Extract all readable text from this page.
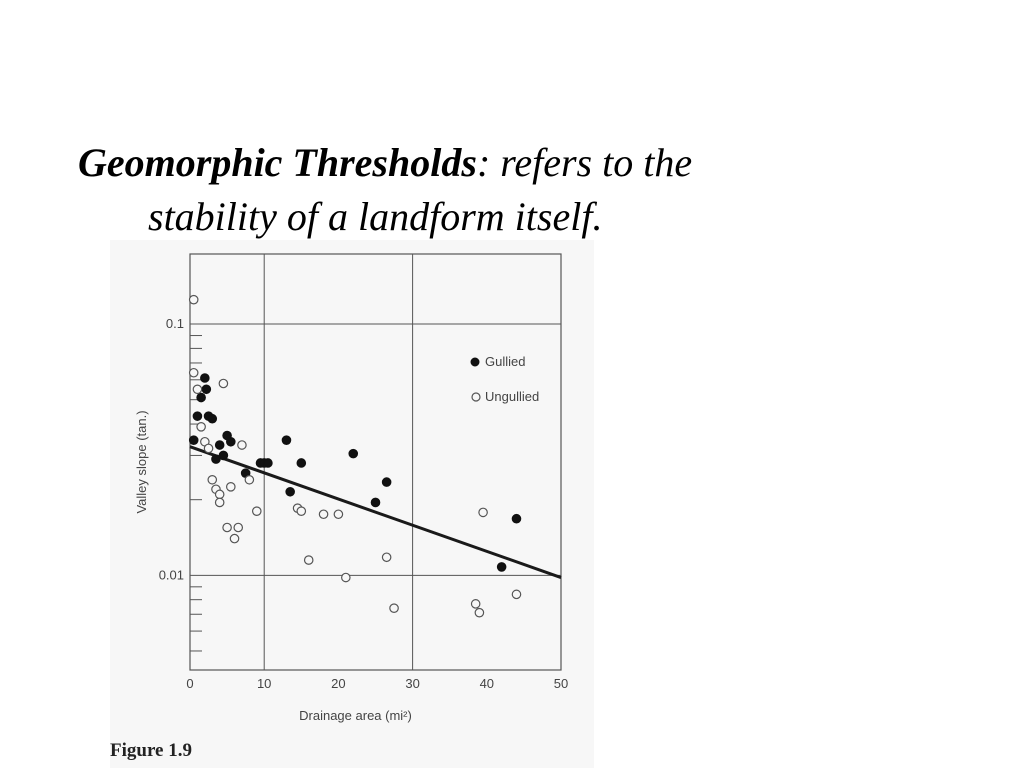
Geomorphic Thresholds: refers to the
stability of a landform itself.
0	10	20	30	40	50
0.01
0.1
Gullied
Ungullied
Drainage area (mi²)
Valley slope (tan.)
Figure 1.9
